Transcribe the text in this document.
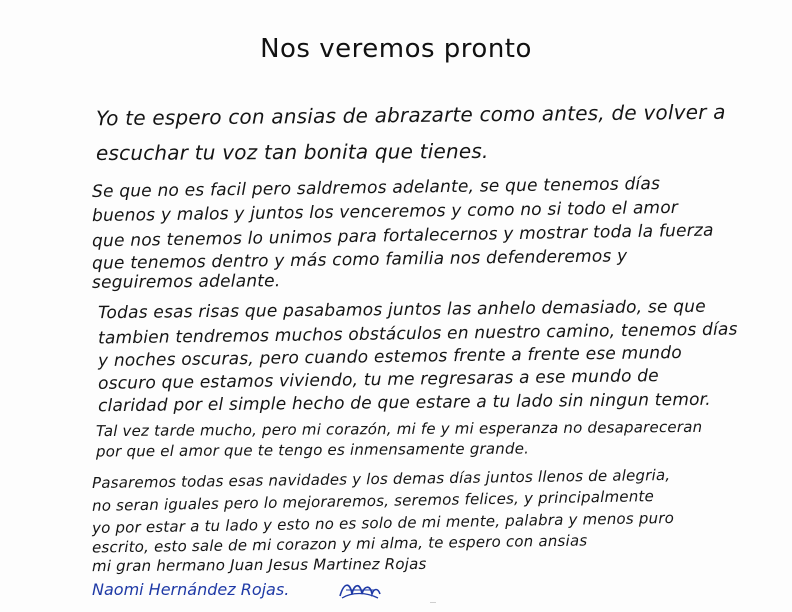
Nos veremos pronto
Yo te espero con ansias de abrazarte como antes, de volver a
escuchar tu voz tan bonita que tienes.
Se que no es facil pero saldremos adelante, se que tenemos días
buenos y malos y juntos los venceremos y como no si todo el amor
que nos tenemos lo unimos para fortalecernos y mostrar toda la fuerza
que tenemos dentro y más como familia nos defenderemos y
seguiremos adelante.
Todas esas risas que pasabamos juntos las anhelo demasiado, se que
tambien tendremos muchos obstáculos en nuestro camino, tenemos días
y noches oscuras, pero cuando estemos frente a frente ese mundo
oscuro que estamos viviendo, tu me regresaras a ese mundo de
claridad por el simple hecho de que estare a tu lado sin ningun temor.
Tal vez tarde mucho, pero mi corazón, mi fe y mi esperanza no desapareceran
por que el amor que te tengo es inmensamente grande.
Pasaremos todas esas navidades y los demas días juntos llenos de alegria,
no seran iguales pero lo mejoraremos, seremos felices, y principalmente
yo por estar a tu lado y esto no es solo de mi mente, palabra y menos puro
escrito, esto sale de mi corazon y mi alma, te espero con ansias
mi gran hermano Juan Jesus Martinez Rojas
Naomi Hernández Rojas.
